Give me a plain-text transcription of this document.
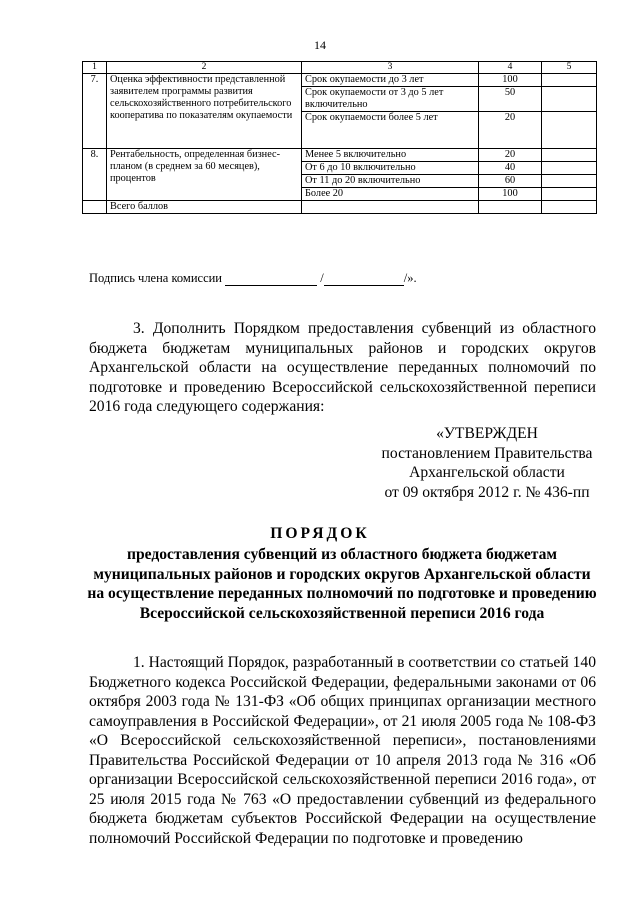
14
1	2	3	4	5
7.	Оценка эффективности представленной заявителем программы развития сельскохозяйственного потребительского кооператива по показателям окупаемости	Срок окупаемости до 3 лет	100	
		Срок окупаемости от 3 до 5 лет включительно	50	
		Срок окупаемости более 5 лет	20	
8.	Рентабельность, определенная бизнес-планом (в среднем за 60 месяцев), процентов	Менее 5 включительно	20	
		От 6 до 10 включительно	40	
		От 11 до 20 включительно	60	
		Более 20	100	
	Всего баллов			
Подпись члена комиссии	/	/».
3. Дополнить Порядком предоставления субвенций из областного бюджета бюджетам муниципальных районов и городских округов Архангельской области на осуществление переданных полномочий по подготовке и проведению Всероссийской сельскохозяйственной переписи 2016 года следующего содержания:
«УТВЕРЖДЕН
постановлением Правительства
Архангельской области
от 09 октября 2012 г. № 436-пп
ПОРЯДОК
предоставления субвенций из областного бюджета бюджетам муниципальных районов и городских округов Архангельской области на осуществление переданных полномочий по подготовке и проведению Всероссийской сельскохозяйственной переписи 2016 года
1. Настоящий Порядок, разработанный в соответствии со статьей 140 Бюджетного кодекса Российской Федерации, федеральными законами от 06 октября 2003 года № 131-ФЗ «Об общих принципах организации местного самоуправления в Российской Федерации», от 21 июля 2005 года № 108-ФЗ «О Всероссийской сельскохозяйственной переписи», постановлениями Правительства Российской Федерации от 10 апреля 2013 года № 316 «Об организации Всероссийской сельскохозяйственной переписи 2016 года», от 25 июля 2015 года № 763 «О предоставлении субвенций из федерального бюджета бюджетам субъектов Российской Федерации на осуществление полномочий Российской Федерации по подготовке и проведению
